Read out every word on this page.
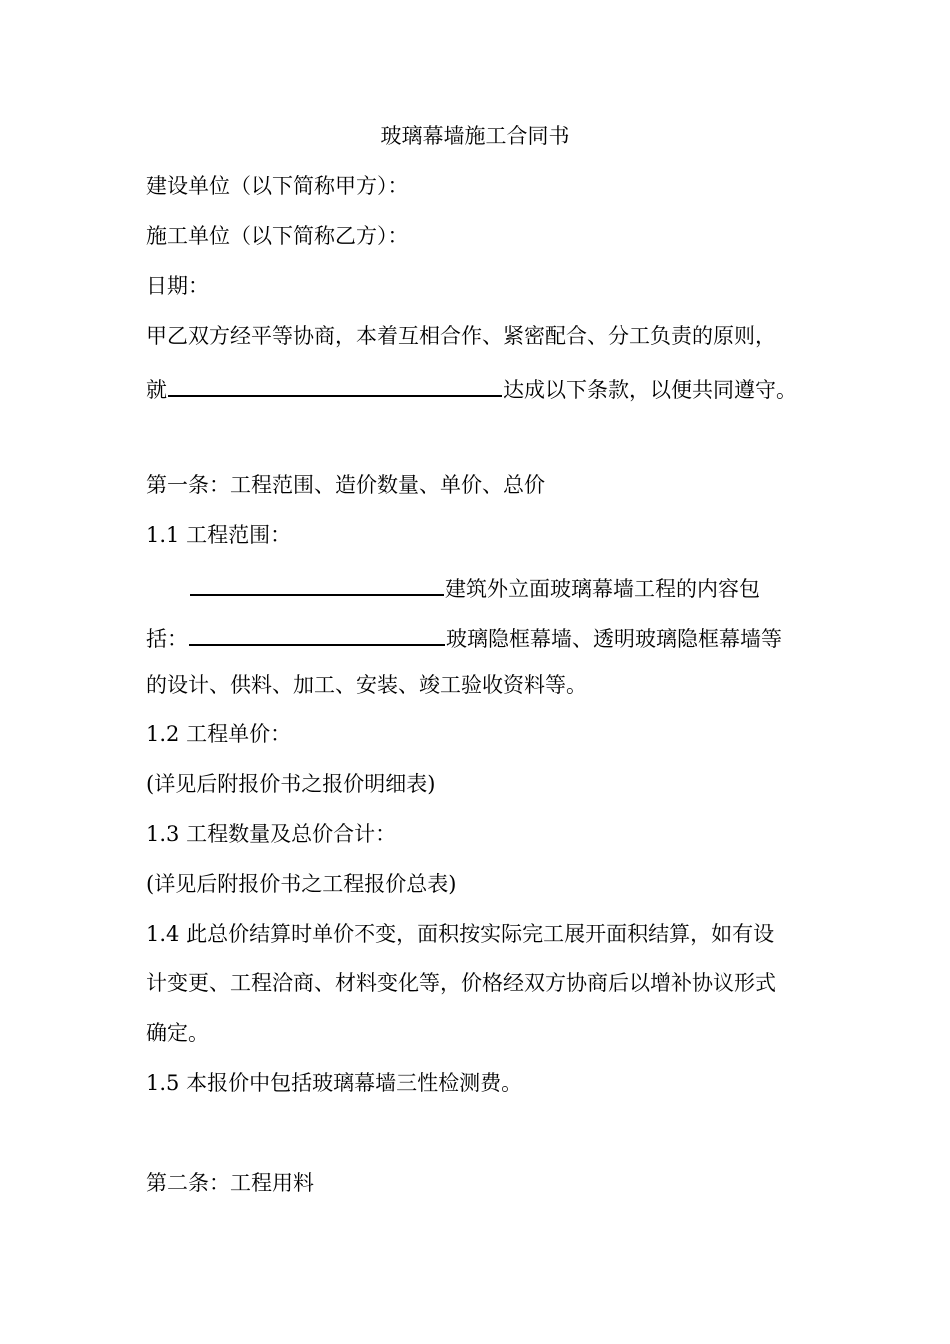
玻璃幕墙施工合同书
建设单位（以下简称甲方）：
施工单位（以下简称乙方）：
日期：
甲乙双方经平等协商，本着互相合作、紧密配合、分工负责的原则，
就	达成以下条款，以便共同遵守。
第一条：工程范围、造价数量、单价、总价
1.1 工程范围：
建筑外立面玻璃幕墙工程的内容包
括：	玻璃隐框幕墙、透明玻璃隐框幕墙等
的设计、供料、加工、安装、竣工验收资料等。
1.2 工程单价：
(详见后附报价书之报价明细表)
1.3 工程数量及总价合计：
(详见后附报价书之工程报价总表)
1.4 此总价结算时单价不变，面积按实际完工展开面积结算，如有设
计变更、工程洽商、材料变化等，价格经双方协商后以增补协议形式
确定。
1.5 本报价中包括玻璃幕墙三性检测费。
第二条：工程用料
